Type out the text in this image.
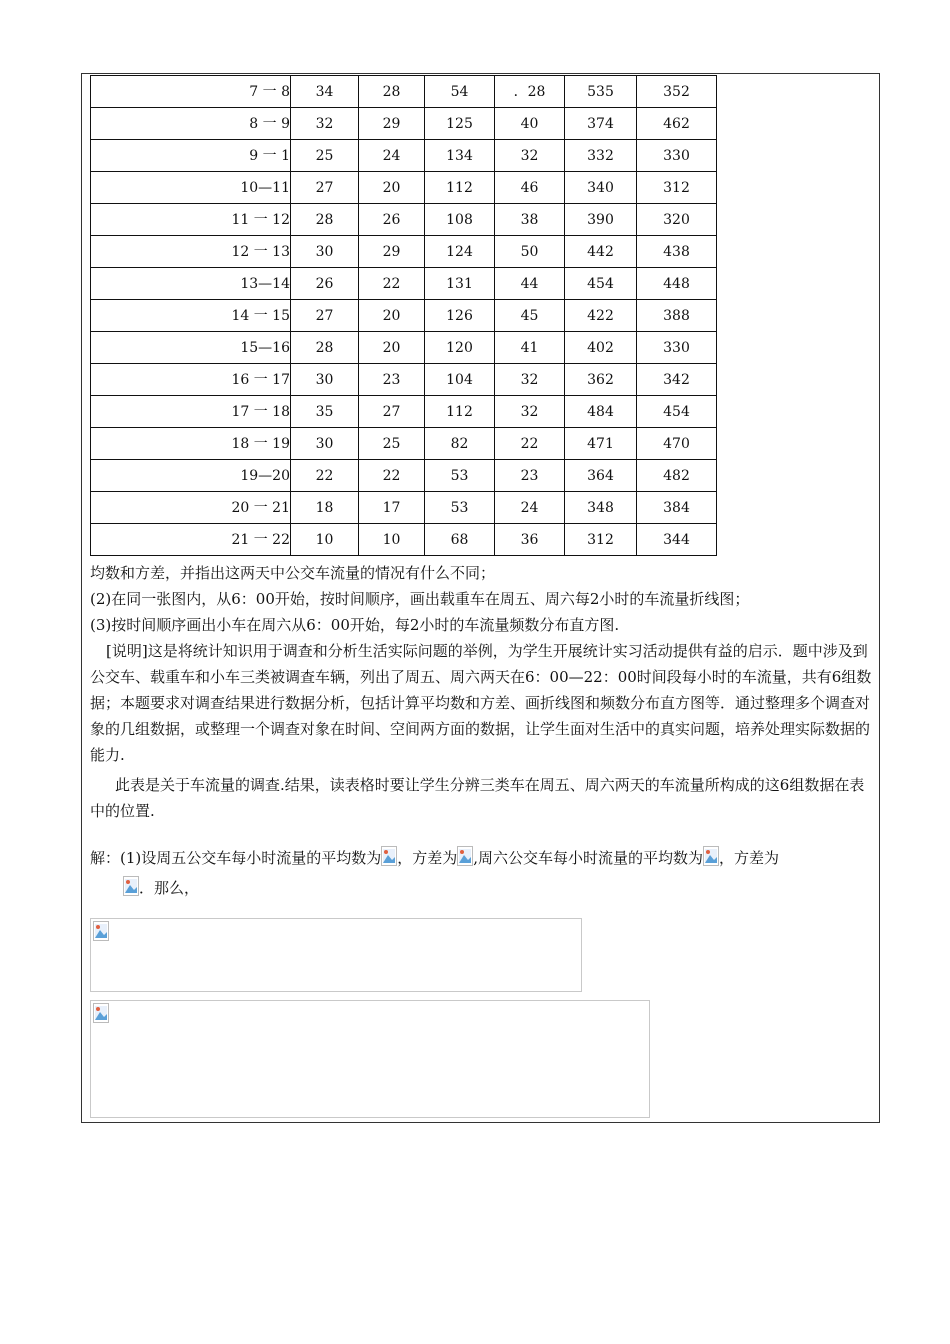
7 一 8	34	28	54	．28	535	352
8 一 9	32	29	125	40	374	462
9 一 1	25	24	134	32	332	330
10—11	27	20	112	46	340	312
11 一 12	28	26	108	38	390	320
12 一 13	30	29	124	50	442	438
13—14	26	22	131	44	454	448
14 一 15	27	20	126	45	422	388
15—16	28	20	120	41	402	330
16 一 17	30	23	104	32	362	342
17 一 18	35	27	112	32	484	454
18 一 19	30	25	82	22	471	470
19—20	22	22	53	23	364	482
20 一 21	18	17	53	24	348	384
21 一 22	10	10	68	36	312	344

均数和方差，并指出这两天中公交车流量的情况有什么不同；

(2)在同一张图内，从6：00开始，按时间顺序，画出载重车在周五、周六每2小时的车流量折线图；

(3)按时间顺序画出小车在周六从6：00开始，每2小时的车流量频数分布直方图.

[说明]这是将统计知识用于调查和分析生活实际问题的举例，为学生开展统计实习活动提供有益的启示．题中涉及到公交车、载重车和小车三类被调查车辆，列出了周五、周六两天在6：00—22：00时间段每小时的车流量，共有6组数据；本题要求对调查结果进行数据分析，包括计算平均数和方差、画折线图和频数分布直方图等．通过整理多个调查对象的几组数据，或整理一个调查对象在时间、空间两方面的数据，让学生面对生活中的真实问题，培养处理实际数据的能力.

此表是关于车流量的调查.结果，读表格时要让学生分辨三类车在周五、周六两天的车流量所构成的这6组数据在表中的位置.

解：(1)设周五公交车每小时流量的平均数为 ，方差为 ,周六公交车每小时流量的平均数为 ，方差为

．那么，
